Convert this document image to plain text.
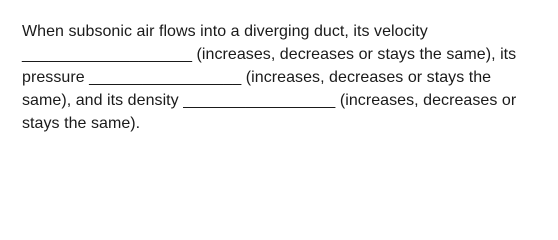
When subsonic air flows into a diverging duct, its velocity
___________________ (increases, decreases or stays the same), its
pressure _________________ (increases, decreases or stays the
same), and its density _________________ (increases, decreases or
stays the same).
